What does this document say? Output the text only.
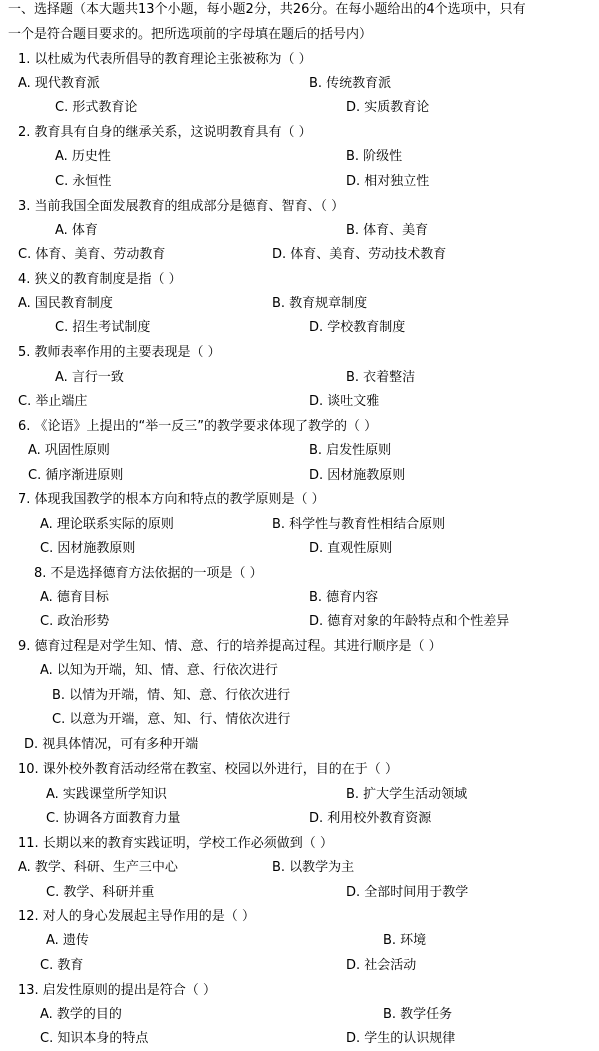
一、选择题（本大题共13个小题，每小题2分，共26分。在每小题给出的4个选项中，只有
一个是符合题目要求的。把所选项前的字母填在题后的括号内）
1. 以杜威为代表所倡导的教育理论主张被称为（ ）
A. 现代教育派	B. 传统教育派
C. 形式教育论	D. 实质教育论
2. 教育具有自身的继承关系，这说明教育具有（ ）
A. 历史性	B. 阶级性
C. 永恒性	D. 相对独立性
3. 当前我国全面发展教育的组成部分是德育、智育、（ ）
A. 体育	B. 体育、美育
C. 体育、美育、劳动教育	D. 体育、美育、劳动技术教育
4. 狭义的教育制度是指（ ）
A. 国民教育制度	B. 教育规章制度
C. 招生考试制度	D. 学校教育制度
5. 教师表率作用的主要表现是（ ）
A. 言行一致	B. 衣着整洁
C. 举止端庄	D. 谈吐文雅
6. 《论语》上提出的“举一反三”的教学要求体现了教学的（ ）
A. 巩固性原则	B. 启发性原则
C. 循序渐进原则	D. 因材施教原则
7. 体现我国教学的根本方向和特点的教学原则是（ ）
A. 理论联系实际的原则	B. 科学性与教育性相结合原则
C. 因材施教原则	D. 直观性原则
8. 不是选择德育方法依据的一项是（ ）
A. 德育目标	B. 德育内容
C. 政治形势	D. 德育对象的年龄特点和个性差异
9. 德育过程是对学生知、情、意、行的培养提高过程。其进行顺序是（ ）
A. 以知为开端，知、情、意、行依次进行
B. 以情为开端，情、知、意、行依次进行
C. 以意为开端，意、知、行、情依次进行
D. 视具体情况，可有多种开端
10. 课外校外教育活动经常在教室、校园以外进行，目的在于（ ）
A. 实践课堂所学知识	B. 扩大学生活动领域
C. 协调各方面教育力量	D. 利用校外教育资源
11. 长期以来的教育实践证明，学校工作必须做到（ ）
A. 教学、科研、生产三中心	B. 以教学为主
C. 教学、科研并重	D. 全部时间用于教学
12. 对人的身心发展起主导作用的是（ ）
A. 遗传	B. 环境
C. 教育	D. 社会活动
13. 启发性原则的提出是符合（ ）
A. 教学的目的	B. 教学任务
C. 知识本身的特点	D. 学生的认识规律
